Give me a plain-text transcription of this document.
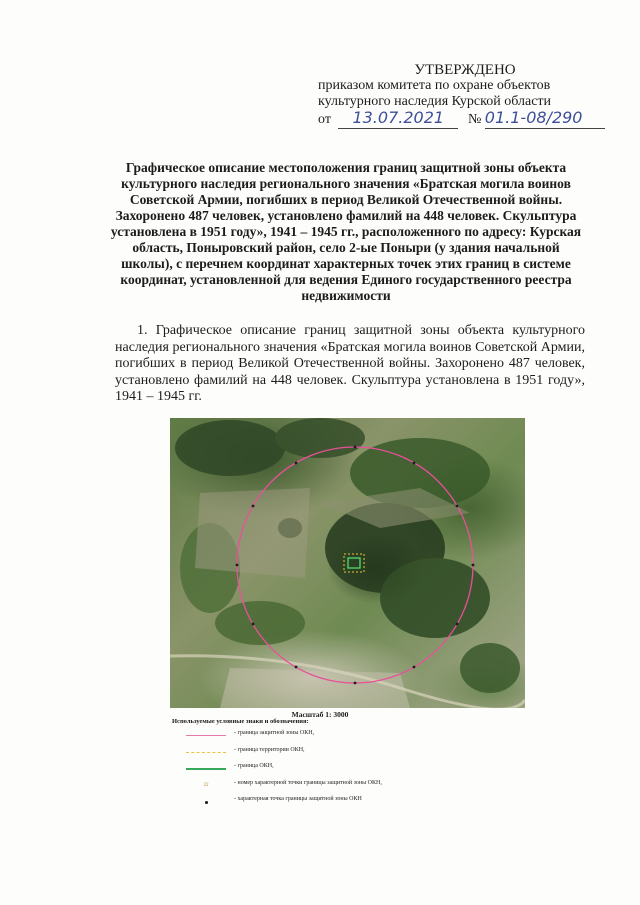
УТВЕРЖДЕНО
приказом комитета по охране объектов
культурного наследия Курской области
от 13.07.2021 № 01.1-08/290
Графическое описание местоположения границ защитной зоны объекта культурного наследия регионального значения «Братская могила воинов Советской Армии, погибших в период Великой Отечественной войны. Захоронено 487 человек, установлено фамилий на 448 человек. Скульптура установлена в 1951 году», 1941 – 1945 гг., расположенного по адресу: Курская область, Поныровский район, село 2-ые Поныри (у здания начальной школы), с перечнем координат характерных точек этих границ в системе координат, установленной для ведения Единого государственного реестра недвижимости
1. Графическое описание границ защитной зоны объекта культурного наследия регионального значения «Братская могила воинов Советской Армии, погибших в период Великой Отечественной войны. Захоронено 487 человек, установлено фамилий на 448 человек. Скульптура установлена в 1951 году», 1941 – 1945 гг.
Масштаб 1: 3000
Используемые условные знаки и обозначения:
- граница защитной зоны ОКН,
- граница территории ОКН,
- граница ОКН,
22	- номер характерной точки границы защитной зоны ОКН,
- характерная точка границы защитной зоны ОКН
